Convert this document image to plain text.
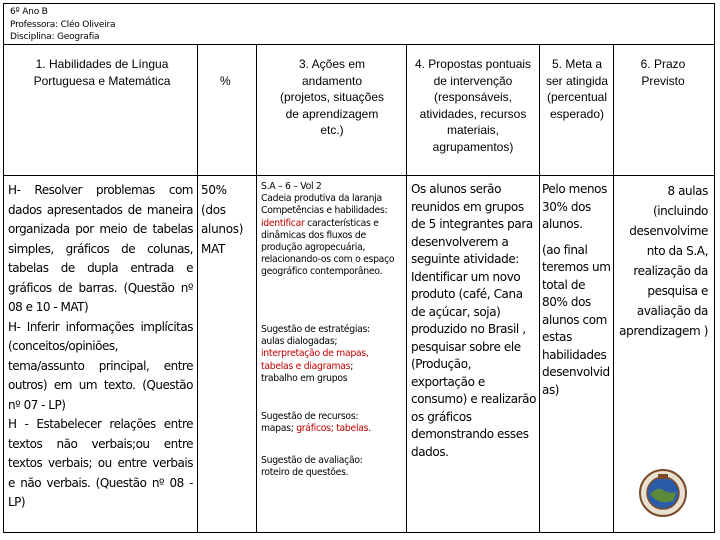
6º Ano B
Professora: Cléo Oliveira
Disciplina: Geografia
1. Habilidades de Língua Portuguesa e Matemática	%
3. Ações em andamento (projetos, situações de aprendizagem etc.)
4. Propostas pontuais de intervenção (responsáveis, atividades, recursos materiais, agrupamentos)
5. Meta a ser atingida (percentual esperado)
6. Prazo Previsto

H- Resolver problemas com dados apresentados de maneira organizada por meio de tabelas simples, gráficos de colunas, tabelas de dupla entrada e gráficos de barras. (Questão nº 08 e 10 - MAT)

H- Inferir informações implícitas (conceitos/opiniões, tema/assunto principal, entre outros) em um texto. (Questão nº 07 - LP)

H - Estabelecer relações entre textos não verbais;ou entre textos verbais; ou entre verbais e não verbais. (Questão nº 08 - LP)

50% (dos alunos) MAT

S.A – 6 – Vol 2

Cadeia produtiva da laranja

Competências e habilidades: identificar características e dinâmicas dos fluxos de produção agropecuária, relacionando-os com o espaço geográfico contemporâneo.

Sugestão de estratégias:

aulas dialogadas;

interpretação de mapas,

tabelas e diagramas;

trabalho em grupos

Sugestão de recursos:

mapas; gráficos; tabelas.

Sugestão de avaliação:

roteiro de questões.

Os alunos serão reunidos em grupos de 5 integrantes para desenvolverem a seguinte atividade: Identificar um novo produto (café, Cana de açúcar, soja) produzido no Brasil , pesquisar sobre ele (Produção, exportação e consumo) e realizarão os gráficos demonstrando esses dados.

Pelo menos 30% dos alunos.

(ao final teremos um total de 80% dos alunos com estas habilidades desenvolvid as)

8 aulas (incluindo desenvolvime nto da S.A, realização da pesquisa e avaliação da aprendizagem )
